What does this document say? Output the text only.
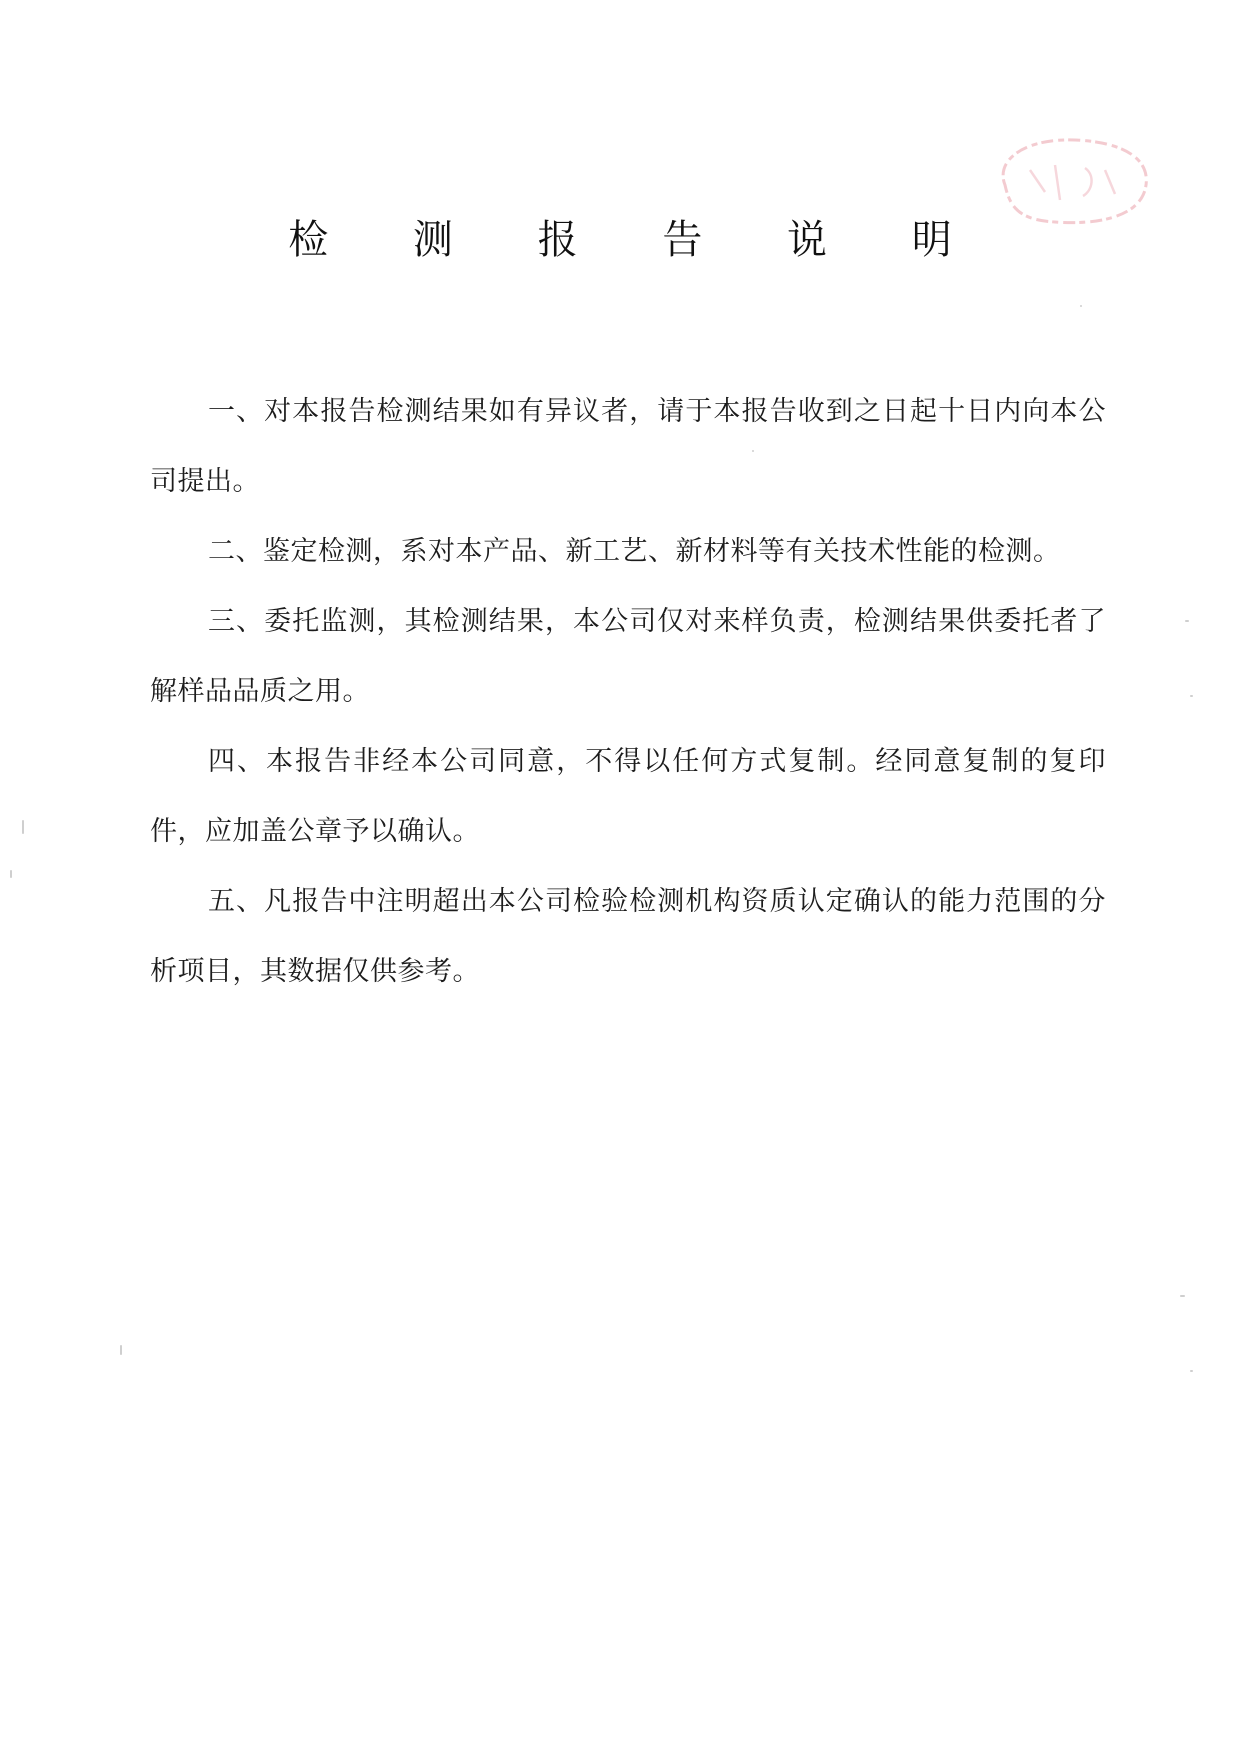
检 测 报 告 说 明

一、对本报告检测结果如有异议者，请于本报告收到之日起十日内向本公司提出。

二、鉴定检测，系对本产品、新工艺、新材料等有关技术性能的检测。

三、委托监测，其检测结果，本公司仅对来样负责，检测结果供委托者了解样品品质之用。

四、本报告非经本公司同意，不得以任何方式复制。经同意复制的复印件，应加盖公章予以确认。

五、凡报告中注明超出本公司检验检测机构资质认定确认的能力范围的分析项目，其数据仅供参考。
